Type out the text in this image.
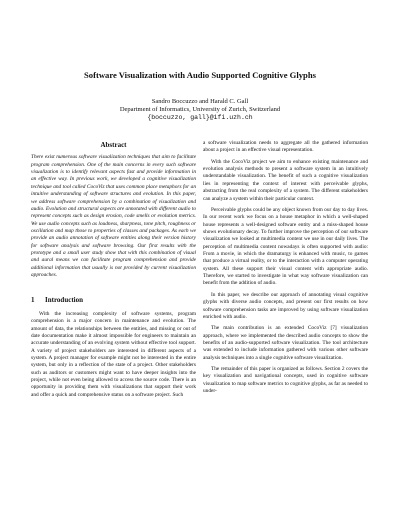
Software Visualization with Audio Supported Cognitive Glyphs
Sandro Boccuzzo and Harald C. Gall
Department of Informatics, University of Zurich, Switzerland
{boccuzzo, gall}@ifi.uzh.ch
Abstract

There exist numerous software visualization techniques that aim to facilitate program comprehension. One of the main concerns in every such software visualization is to identify relevant aspects fast and provide information in an effective way. In previous work, we developed a cognitive visualization technique and tool called CocoViz that uses common place metaphors for an intuitive understanding of software structures and evolution. In this paper, we address software comprehension by a combination of visualization and audio. Evolution and structural aspects are annotated with different audio to represent concepts such as design erosion, code smells or evolution metrics. We use audio concepts such as loudness, sharpness, tone pitch, roughness or oscillation and map those to properties of classes and packages. As each we provide an audio annotation of software entities along their version history for software analysis and software browsing. Our first results with the prototype and a small user study show that with this combination of visual and aural means we can facilitate program comprehension and provide additional information that usually is not provided by current visualization approaches.

1 Introduction

With the increasing complexity of software systems, program comprehension is a major concern in maintenance and evolution. The amount of data, the relationships between the entities, and missing or out of date documentation make it almost impossible for engineers to maintain an accurate understanding of an evolving system without effective tool support. A variety of project stakeholders are interested in different aspects of a system. A project manager for example might not be interested in the entire system, but only in a reflection of the state of a project. Other stakeholders such as auditors or customers might want to have deeper insights into the project, while not even being allowed to access the source code. There is an opportunity in providing them with visualizations that support their work and offer a quick and comprehensive status on a software project. Such

a software visualization needs to aggregate all the gathered information about a project in an effective visual representation.

With the CocoViz project we aim to enhance existing maintenance and evolution analysis methods to present a software system in an intuitively understandable visualization. The benefit of such a cognitive visualization lies in representing the context of interest with perceivable glyphs, abstracting from the real complexity of a system. The different stakeholders can analyze a system within their particular context.

Perceivable glyphs could be any object known from our day to day lives. In our recent work we focus on a house metaphor in which a well-shaped house represents a well-designed software entity and a miss-shaped house shows evolutionary decay. To further improve the perception of our software visualization we looked at multimedia content we use in our daily lives. The perception of multimedia content nowadays is often supported with audio: From a movie, in which the dramaturgy is enhanced with music, to games that produce a virtual reality, or to the interaction with a computer operating system. All these support their visual content with appropriate audio. Therefore, we started to investigate in what way software visualization can benefit from the addition of audio.

In this paper, we describe our approach of annotating visual cognitive glyphs with diverse audio concepts, and present our first results on how software comprehension tasks are improved by using software visualization enriched with audio.

The main contribution is an extended CocoViz [7] visualization approach, where we implemented the described audio concepts to show the benefits of an audio-supported software visualization. The tool architecture was extended to include information gathered with various other software analysis techniques into a single cognitive software visualization.

The remainder of this paper is organized as follows. Section 2 covers the key visualization and navigational concepts, used in cognitive software visualization to map software metrics to cognitive glyphs, as far as needed to under-
